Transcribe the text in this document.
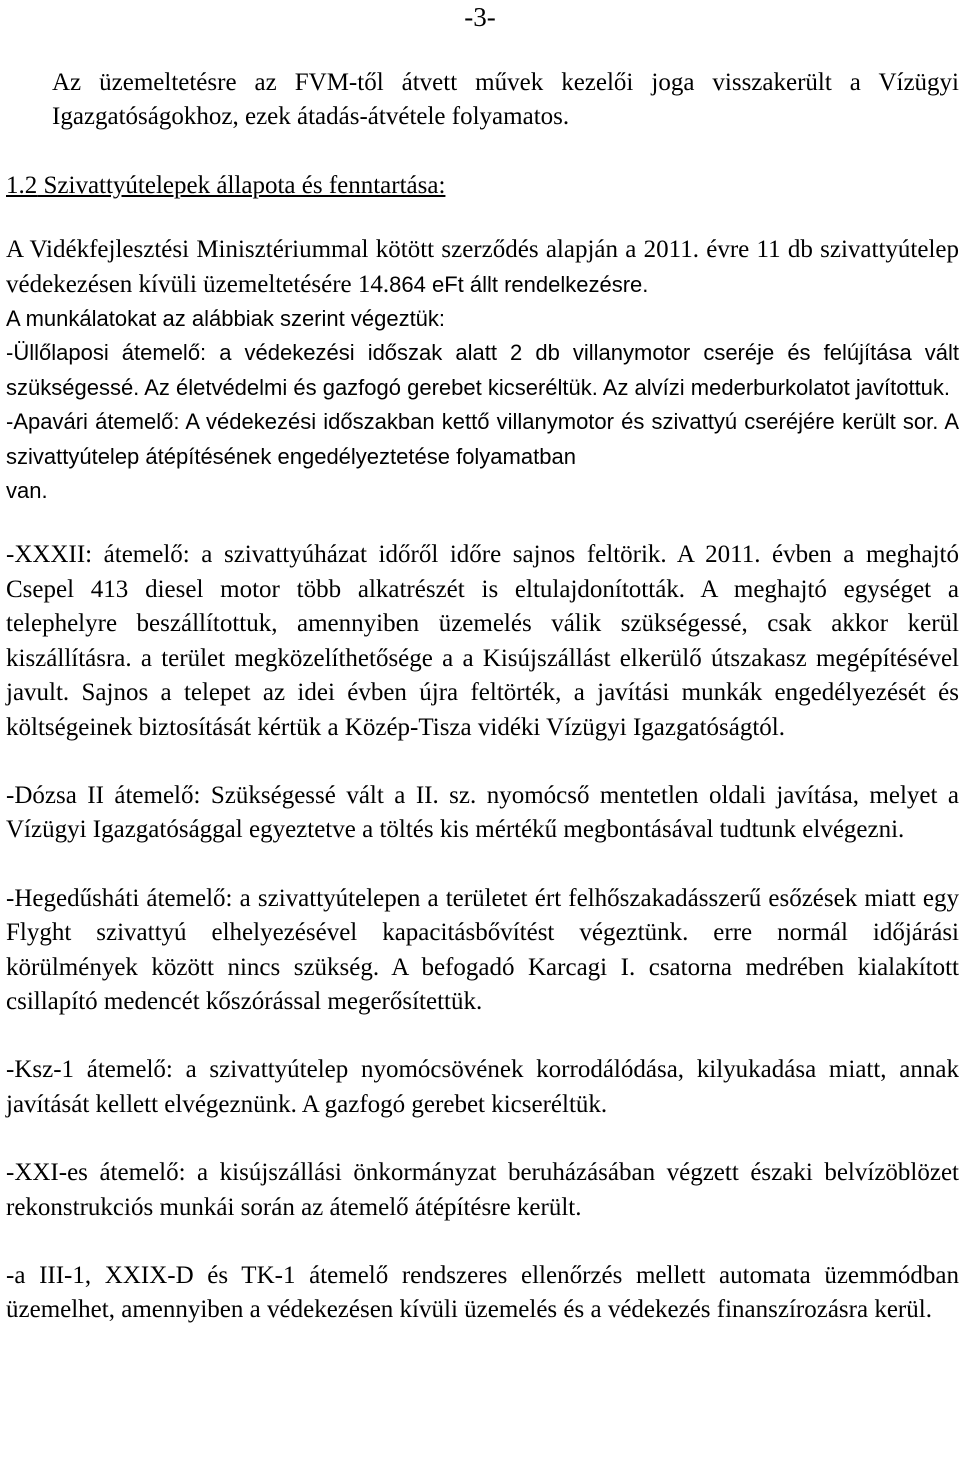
-3-

Az üzemeltetésre az FVM-től átvett művek kezelői joga visszakerült a Vízügyi Igazgatóságokhoz, ezek átadás-átvétele folyamatos.

1.2 Szivattyútelepek állapota és fenntartása:

A Vidékfejlesztési Minisztériummal kötött szerződés alapján a 2011. évre 11 db szivattyútelep védekezésen kívüli üzemeltetésére 14.864 eFt állt rendelkezésre.

A munkálatokat az alábbiak szerint végeztük:

-Üllőlaposi átemelő: a védekezési időszak alatt 2 db villanymotor cseréje és felújítása vált szükségessé. Az életvédelmi és gazfogó gerebet kicseréltük. Az alvízi mederburkolatot javítottuk.

-Apavári átemelő: A védekezési időszakban kettő villanymotor és szivattyú cseréjére került sor. A szivattyútelep átépítésének engedélyeztetése folyamatban
van.

-XXXII: átemelő: a szivattyúházat időről időre sajnos feltörik. A 2011. évben a meghajtó Csepel 413 diesel motor több alkatrészét is eltulajdonították. A meghajtó egységet a telephelyre beszállítottuk, amennyiben üzemelés válik szükségessé, csak akkor kerül kiszállításra. a terület megközelíthetősége a a Kisújszállást elkerülő útszakasz megépítésével javult. Sajnos a telepet az idei évben újra feltörték, a javítási munkák engedélyezését és költségeinek biztosítását kértük a Közép-Tisza vidéki Vízügyi Igazgatóságtól.

-Dózsa II átemelő: Szükségessé vált a II. sz. nyomócső mentetlen oldali javítása, melyet a Vízügyi Igazgatósággal egyeztetve a töltés kis mértékű megbontásával tudtunk elvégezni.

-Hegedűsháti átemelő: a szivattyútelepen a területet ért felhőszakadásszerű esőzések miatt egy Flyght szivattyú elhelyezésével kapacitásbővítést végeztünk. erre normál időjárási körülmények között nincs szükség. A befogadó Karcagi I. csatorna medrében kialakított csillapító medencét kőszórással megerősítettük.

-Ksz-1 átemelő: a szivattyútelep nyomócsövének korrodálódása, kilyukadása miatt, annak javítását kellett elvégeznünk. A gazfogó gerebet kicseréltük.

-XXI-es átemelő: a kisújszállási önkormányzat beruházásában végzett északi belvízöblözet rekonstrukciós munkái során az átemelő átépítésre került.

-a III-1, XXIX-D és TK-1 átemelő rendszeres ellenőrzés mellett automata üzemmódban üzemelhet, amennyiben a védekezésen kívüli üzemelés és a védekezés finanszírozásra kerül.
